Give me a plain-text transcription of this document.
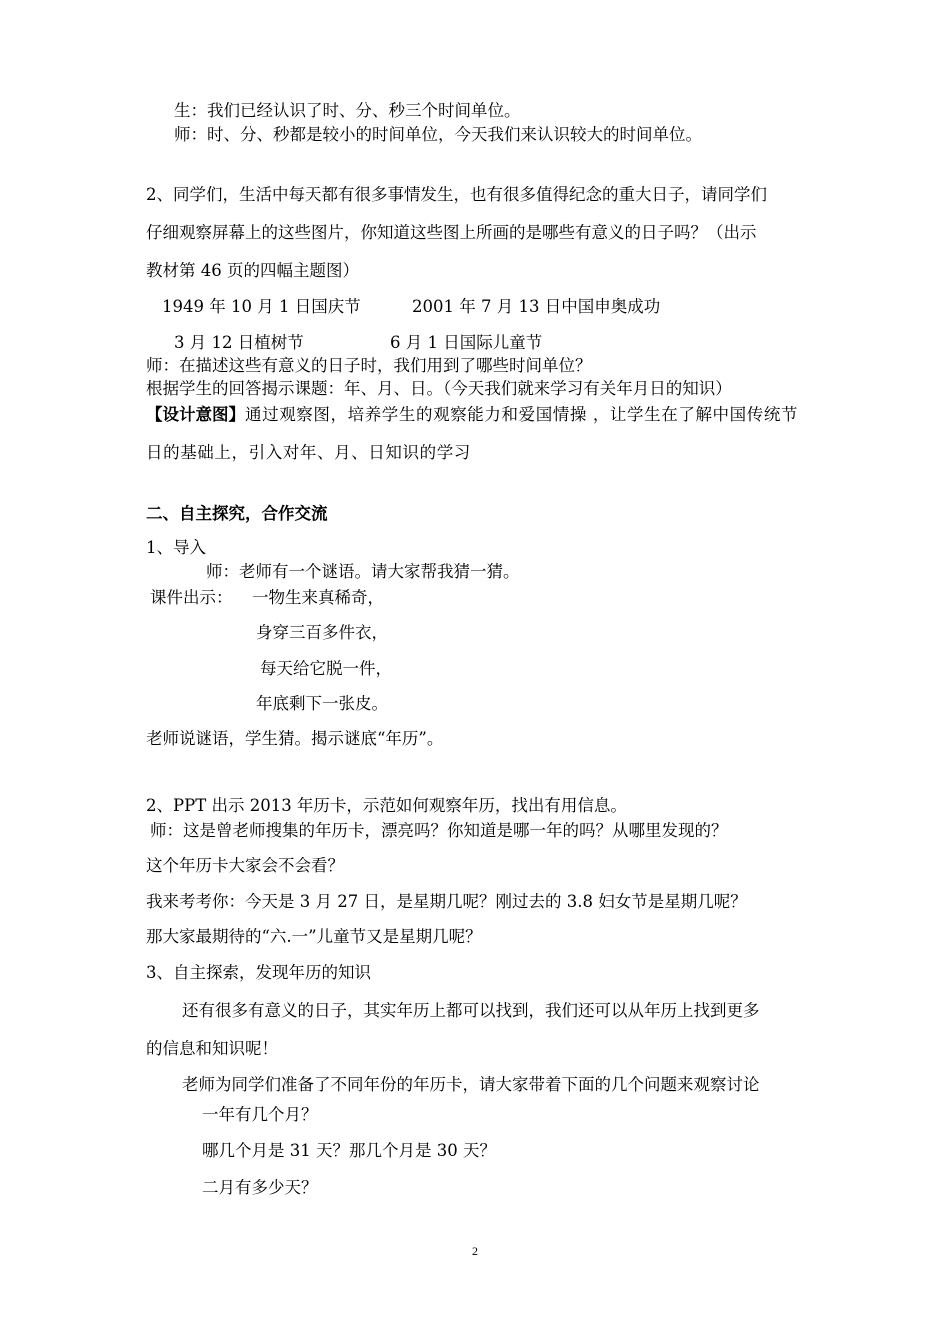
生：我们已经认识了时、分、秒三个时间单位。
师：时、分、秒都是较小的时间单位，今天我们来认识较大的时间单位。
2、同学们，生活中每天都有很多事情发生，也有很多值得纪念的重大日子，请同学们
仔细观察屏幕上的这些图片，你知道这些图上所画的是哪些有意义的日子吗？（出示
教材第 46 页的四幅主题图）
1949 年 10 月 1 日国庆节	2001 年 7 月 13 日中国申奥成功
3 月 12 日植树节	6 月 1 日国际儿童节
师：在描述这些有意义的日子时，我们用到了哪些时间单位？
根据学生的回答揭示课题：年、月、日。（今天我们就来学习有关年月日的知识）
【设计意图】通过观察图，培养学生的观察能力和爱国情操 ，让学生在了解中国传统节
日的基础上，引入对年、月、日知识的学习
二、自主探究，合作交流
1、导入
师：老师有一个谜语。请大家帮我猜一猜。
课件出示： 一物生来真稀奇，
身穿三百多件衣，
每天给它脱一件，
年底剩下一张皮。
老师说谜语，学生猜。揭示谜底“年历”。
2、PPT 出示 2013 年历卡，示范如何观察年历，找出有用信息。
师：这是曾老师搜集的年历卡，漂亮吗？你知道是哪一年的吗？从哪里发现的？
这个年历卡大家会不会看？
我来考考你：今天是 3 月 27 日，是星期几呢？刚过去的 3.8 妇女节是星期几呢？
那大家最期待的“六.一”儿童节又是星期几呢？
3、自主探索，发现年历的知识
还有很多有意义的日子，其实年历上都可以找到，我们还可以从年历上找到更多
的信息和知识呢！
老师为同学们准备了不同年份的年历卡，请大家带着下面的几个问题来观察讨论
一年有几个月？
哪几个月是 31 天？那几个月是 30 天？
二月有多少天？
2
